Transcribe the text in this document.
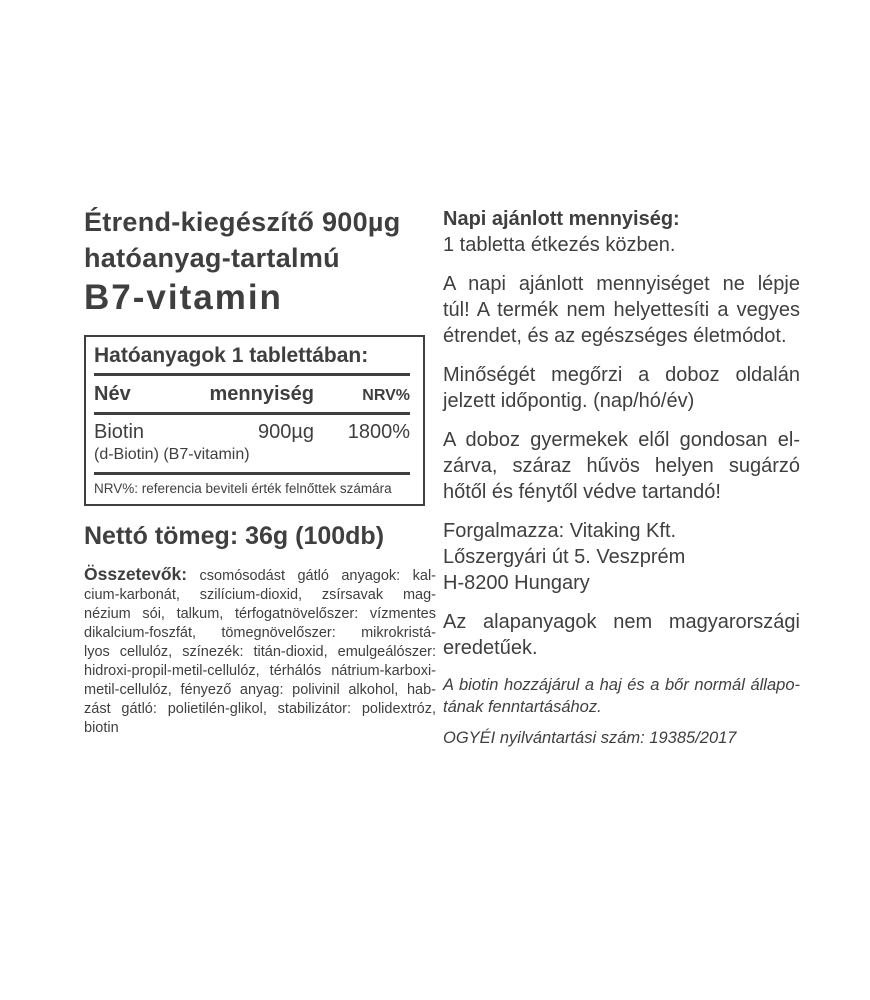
Étrend-kiegészítő 900µg
hatóanyag-tartalmú
B7-vitamin
Hatóanyagok 1 tablettában:
Név	mennyiség	NRV%
Biotin	900µg	1800%
(d-Biotin) (B7-vitamin)
NRV%: referencia beviteli érték felnőttek számára
Nettó tömeg: 36g (100db)
Összetevők: csomósodást gátló anyagok: kal-
cium-karbonát, szilícium-dioxid, zsírsavak mag-
nézium sói, talkum, térfogatnövelőszer: vízmentes
dikalcium-foszfát, tömegnövelőszer: mikrokristá-
lyos cellulóz, színezék: titán-dioxid, emulgeálószer:
hidroxi-propil-metil-cellulóz, térhálós nátrium-karboxi-
metil-cellulóz, fényező anyag: polivinil alkohol, hab-
zást gátló: polietilén-glikol, stabilizátor: polidextróz,
biotin
Napi ajánlott mennyiség:
1 tabletta étkezés közben.
A napi ajánlott mennyiséget ne lépje
túl! A termék nem helyettesíti a vegyes
étrendet, és az egészséges életmódot.
Minőségét megőrzi a doboz oldalán
jelzett időpontig. (nap/hó/év)
A doboz gyermekek elől gondosan el-
zárva, száraz hűvös helyen sugárzó
hőtől és fénytől védve tartandó!
Forgalmazza: Vitaking Kft.
Lőszergyári út 5. Veszprém
H-8200 Hungary
Az alapanyagok nem magyarországi
eredetűek.
A biotin hozzájárul a haj és a bőr normál állapo-
tának fenntartásához.
OGYÉI nyilvántartási szám: 19385/2017
